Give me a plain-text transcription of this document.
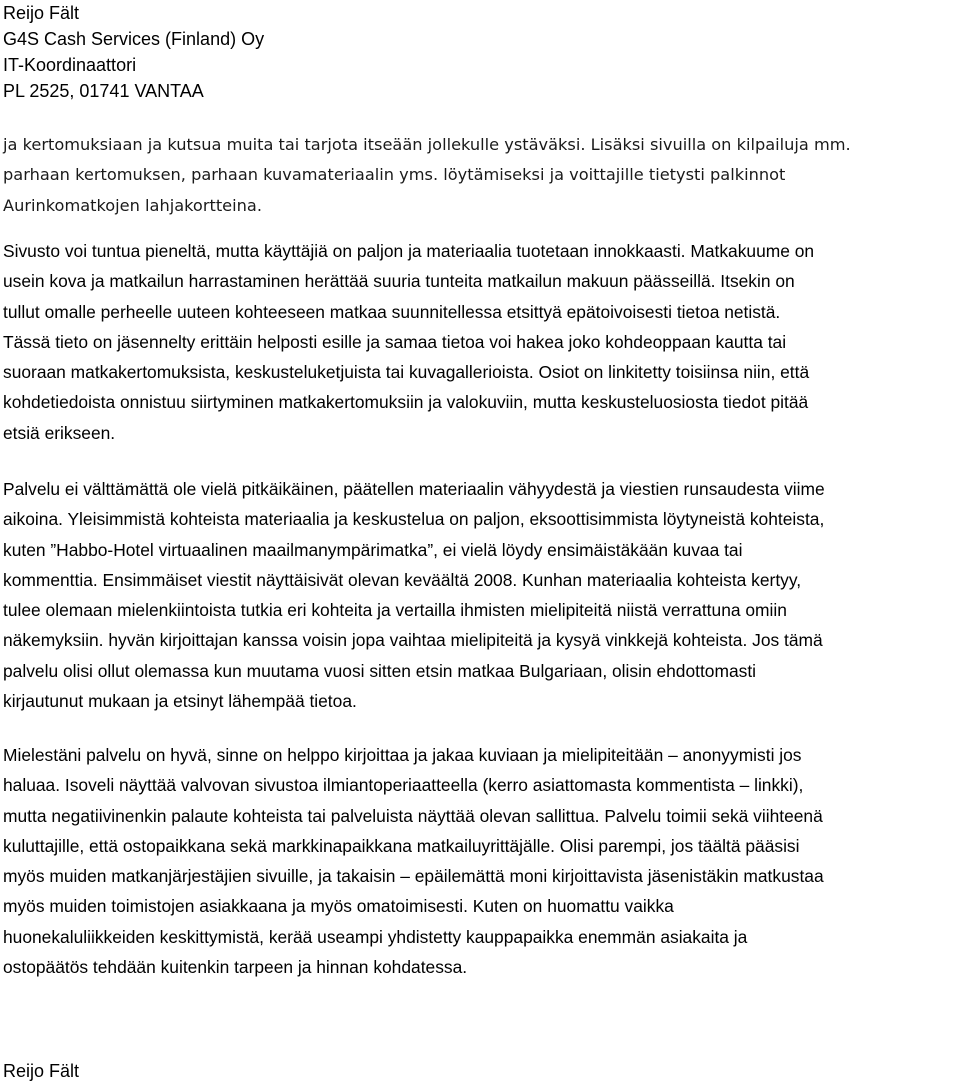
Reijo Fält
G4S Cash Services (Finland) Oy
IT-Koordinaattori
PL 2525, 01741 VANTAA

ja kertomuksiaan ja kutsua muita tai tarjota itseään jollekulle ystäväksi. Lisäksi sivuilla on kilpailuja mm.
parhaan kertomuksen, parhaan kuvamateriaalin yms. löytämiseksi ja voittajille tietysti palkinnot
Aurinkomatkojen lahjakortteina.

Sivusto voi tuntua pieneltä, mutta käyttäjiä on paljon ja materiaalia tuotetaan innokkaasti. Matkakuume on
usein kova ja matkailun harrastaminen herättää suuria tunteita matkailun makuun päässeillä. Itsekin on
tullut omalle perheelle uuteen kohteeseen matkaa suunnitellessa etsittyä epätoivoisesti tietoa netistä.
Tässä tieto on jäsennelty erittäin helposti esille ja samaa tietoa voi hakea joko kohdeoppaan kautta tai
suoraan matkakertomuksista, keskusteluketjuista tai kuvagallerioista. Osiot on linkitetty toisiinsa niin, että
kohdetiedoista onnistuu siirtyminen matkakertomuksiin ja valokuviin, mutta keskusteluosiosta tiedot pitää
etsiä erikseen.

Palvelu ei välttämättä ole vielä pitkäikäinen, päätellen materiaalin vähyydestä ja viestien runsaudesta viime
aikoina. Yleisimmistä kohteista materiaalia ja keskustelua on paljon, eksoottisimmista löytyneistä kohteista,
kuten ”Habbo-Hotel virtuaalinen maailmanympärimatka”, ei vielä löydy ensimäistäkään kuvaa tai
kommenttia. Ensimmäiset viestit näyttäisivät olevan keväältä 2008. Kunhan materiaalia kohteista kertyy,
tulee olemaan mielenkiintoista tutkia eri kohteita ja vertailla ihmisten mielipiteitä niistä verrattuna omiin
näkemyksiin. hyvän kirjoittajan kanssa voisin jopa vaihtaa mielipiteitä ja kysyä vinkkejä kohteista. Jos tämä
palvelu olisi ollut olemassa kun muutama vuosi sitten etsin matkaa Bulgariaan, olisin ehdottomasti
kirjautunut mukaan ja etsinyt lähempää tietoa.

Mielestäni palvelu on hyvä, sinne on helppo kirjoittaa ja jakaa kuviaan ja mielipiteitään – anonyymisti jos
haluaa. Isoveli näyttää valvovan sivustoa ilmiantoperiaatteella (kerro asiattomasta kommentista – linkki),
mutta negatiivinenkin palaute kohteista tai palveluista näyttää olevan sallittua. Palvelu toimii sekä viihteenä
kuluttajille, että ostopaikkana sekä markkinapaikkana matkailuyrittäjälle. Olisi parempi, jos täältä pääsisi
myös muiden matkanjärjestäjien sivuille, ja takaisin – epäilemättä moni kirjoittavista jäsenistäkin matkustaa
myös muiden toimistojen asiakkaana ja myös omatoimisesti. Kuten on huomattu vaikka
huonekaluliikkeiden keskittymistä, kerää useampi yhdistetty kauppapaikka enemmän asiakaita ja
ostopäätös tehdään kuitenkin tarpeen ja hinnan kohdatessa.

Reijo Fält
